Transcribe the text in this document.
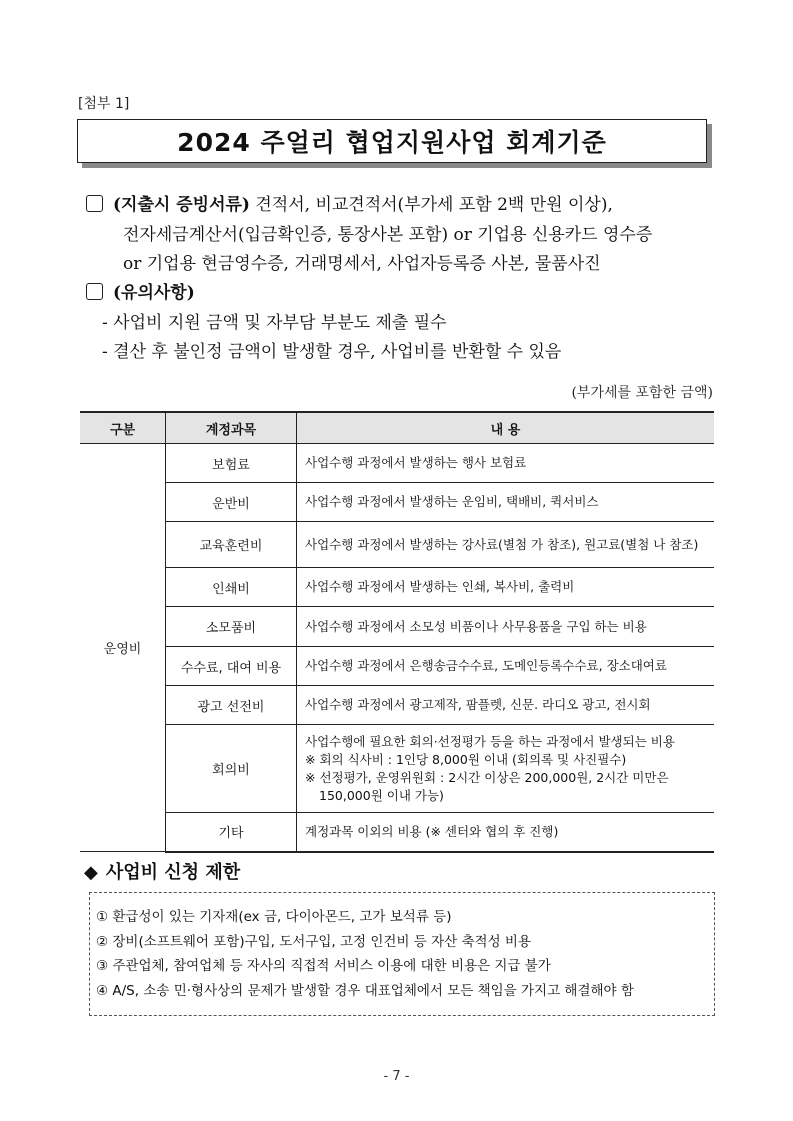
[첨부 1]
2024 주얼리 협업지원사업 회계기준
(지출시 증빙서류) 견적서, 비교견적서(부가세 포함 2백 만원 이상),
전자세금계산서(입금확인증, 통장사본 포함) or 기업용 신용카드 영수증
or 기업용 현금영수증, 거래명세서, 사업자등록증 사본, 물품사진
(유의사항)
- 사업비 지원 금액 및 자부담 부분도 제출 필수
- 결산 후 불인정 금액이 발생할 경우, 사업비를 반환할 수 있음
(부가세를 포함한 금액)
구분	계정과목	내 용
운영비	보험료	사업수행 과정에서 발생하는 행사 보험료
	운반비	사업수행 과정에서 발생하는 운임비, 택배비, 퀵서비스
	교육훈련비	사업수행 과정에서 발생하는 강사료(별첨 가 참조), 원고료(별첨 나 참조)
	인쇄비	사업수행 과정에서 발생하는 인쇄, 복사비, 출력비
	소모품비	사업수행 과정에서 소모성 비품이나 사무용품을 구입 하는 비용
	수수료, 대여 비용	사업수행 과정에서 은행송금수수료, 도메인등록수수료, 장소대여료
	광고 선전비	사업수행 과정에서 광고제작, 팜플렛, 신문. 라디오 광고, 전시회
	회의비	사업수행에 필요한 회의·선정평가 등을 하는 과정에서 발생되는 비용
※ 회의 식사비 : 1인당 8,000원 이내 (회의록 및 사진필수)
※ 선정평가, 운영위원회 : 2시간 이상은 200,000원, 2시간 미만은 150,000원 이내 가능)

	기타	계정과목 이외의 비용 (※ 센터와 협의 후 진행)
◆ 사업비 신청 제한
① 환급성이 있는 기자재(ex 금, 다이아몬드, 고가 보석류 등)
② 장비(소프트웨어 포함)구입, 도서구입, 고정 인건비 등 자산 축적성 비용
③ 주관업체, 참여업체 등 자사의 직접적 서비스 이용에 대한 비용은 지급 불가
④ A/S, 소송 민·형사상의 문제가 발생할 경우 대표업체에서 모든 책임을 가지고 해결해야 함
- 7 -
